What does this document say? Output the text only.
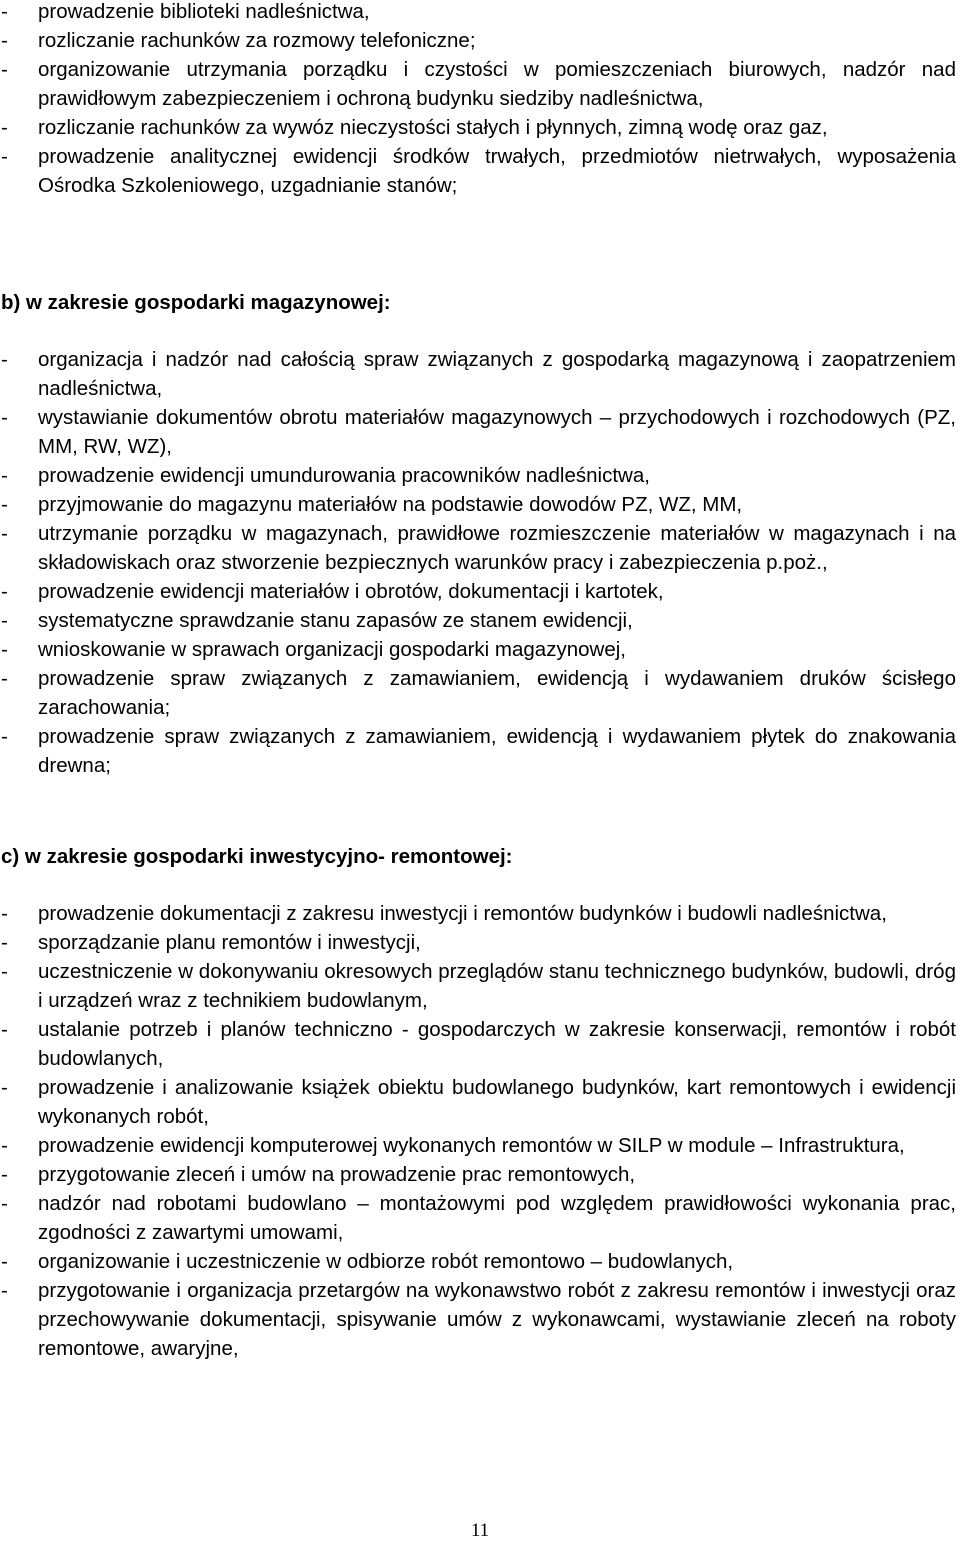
-	prowadzenie biblioteki nadleśnictwa,
-	rozliczanie rachunków za rozmowy telefoniczne;
-	organizowanie utrzymania porządku i czystości w pomieszczeniach biurowych, nadzór nad prawidłowym zabezpieczeniem i ochroną budynku siedziby nadleśnictwa,
-	rozliczanie rachunków za wywóz nieczystości stałych i płynnych, zimną wodę oraz gaz,
-	prowadzenie analitycznej ewidencji środków trwałych, przedmiotów nietrwałych, wyposażenia Ośrodka Szkoleniowego, uzgadnianie stanów;
b) w zakresie gospodarki magazynowej:
-	organizacja i nadzór nad całością spraw związanych z gospodarką magazynową i zaopatrzeniem nadleśnictwa,
-	wystawianie dokumentów obrotu materiałów magazynowych – przychodowych i rozchodowych (PZ, MM, RW, WZ),
-	prowadzenie ewidencji umundurowania pracowników nadleśnictwa,
-	przyjmowanie do magazynu materiałów na podstawie dowodów PZ, WZ, MM,
-	utrzymanie porządku w magazynach, prawidłowe rozmieszczenie materiałów w magazynach i na składowiskach oraz stworzenie bezpiecznych warunków pracy i zabezpieczenia p.poż.,
-	prowadzenie ewidencji materiałów i obrotów, dokumentacji i kartotek,
-	systematyczne sprawdzanie stanu zapasów ze stanem ewidencji,
-	wnioskowanie w sprawach organizacji gospodarki magazynowej,
-	prowadzenie spraw związanych z zamawianiem, ewidencją i wydawaniem druków ścisłego zarachowania;
-	prowadzenie spraw związanych z zamawianiem, ewidencją i wydawaniem płytek do znakowania drewna;
c) w zakresie gospodarki inwestycyjno- remontowej:
-	prowadzenie dokumentacji z zakresu inwestycji i remontów budynków i budowli nadleśnictwa,
-	sporządzanie planu remontów i inwestycji,
-	uczestniczenie w dokonywaniu okresowych przeglądów stanu technicznego budynków, budowli, dróg i urządzeń wraz z technikiem budowlanym,
-	ustalanie potrzeb i planów techniczno - gospodarczych w zakresie konserwacji, remontów i robót budowlanych,
-	prowadzenie i analizowanie książek obiektu budowlanego budynków, kart remontowych i ewidencji wykonanych robót,
-	prowadzenie ewidencji komputerowej wykonanych remontów w SILP w module – Infrastruktura,
-	przygotowanie zleceń i umów na prowadzenie prac remontowych,
-	nadzór nad robotami budowlano – montażowymi pod względem prawidłowości wykonania prac, zgodności z zawartymi umowami,
-	organizowanie i uczestniczenie w odbiorze robót remontowo – budowlanych,
-	przygotowanie i organizacja przetargów na wykonawstwo robót z zakresu remontów i inwestycji oraz przechowywanie dokumentacji, spisywanie umów z wykonawcami, wystawianie zleceń na roboty remontowe, awaryjne,
11
